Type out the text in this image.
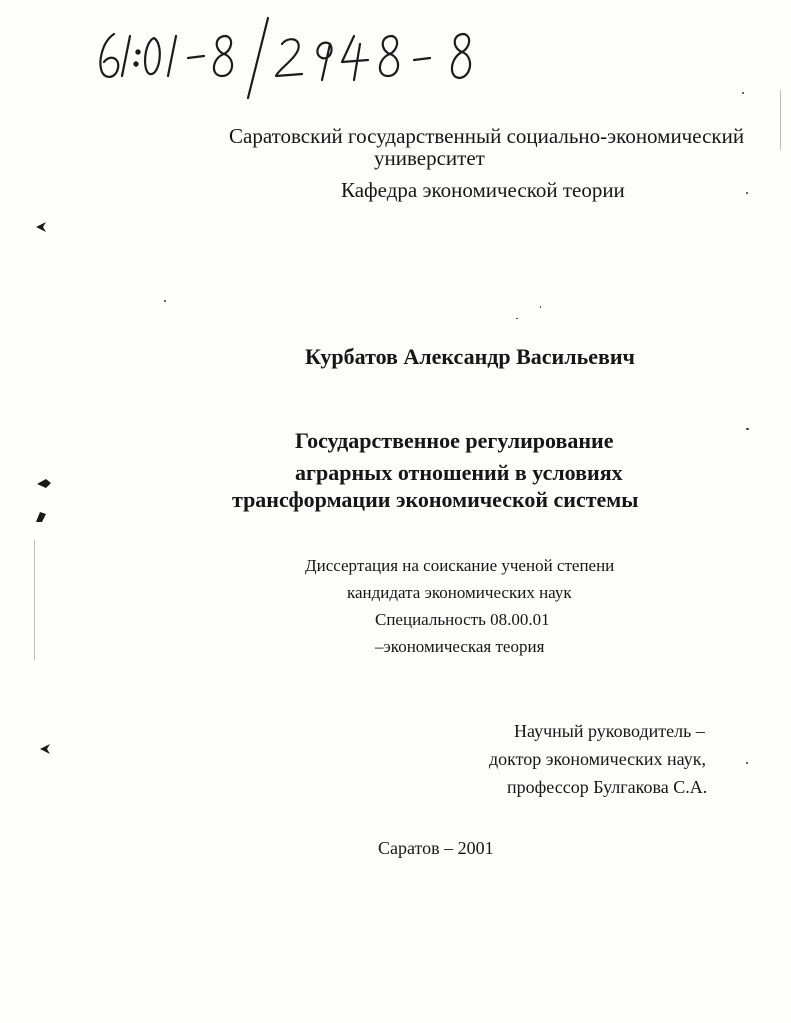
Саратовский государственный социально-экономический
университет
Кафедра экономической теории
Курбатов Александр Васильевич
Государственное регулирование
аграрных отношений в условиях
трансформации экономической системы
Диссертация на соискание ученой степени
кандидата экономических наук
Специальность 08.00.01
–экономическая теория
Научный руководитель –
доктор экономических наук,
профессор Булгакова С.А.
Саратов – 2001
